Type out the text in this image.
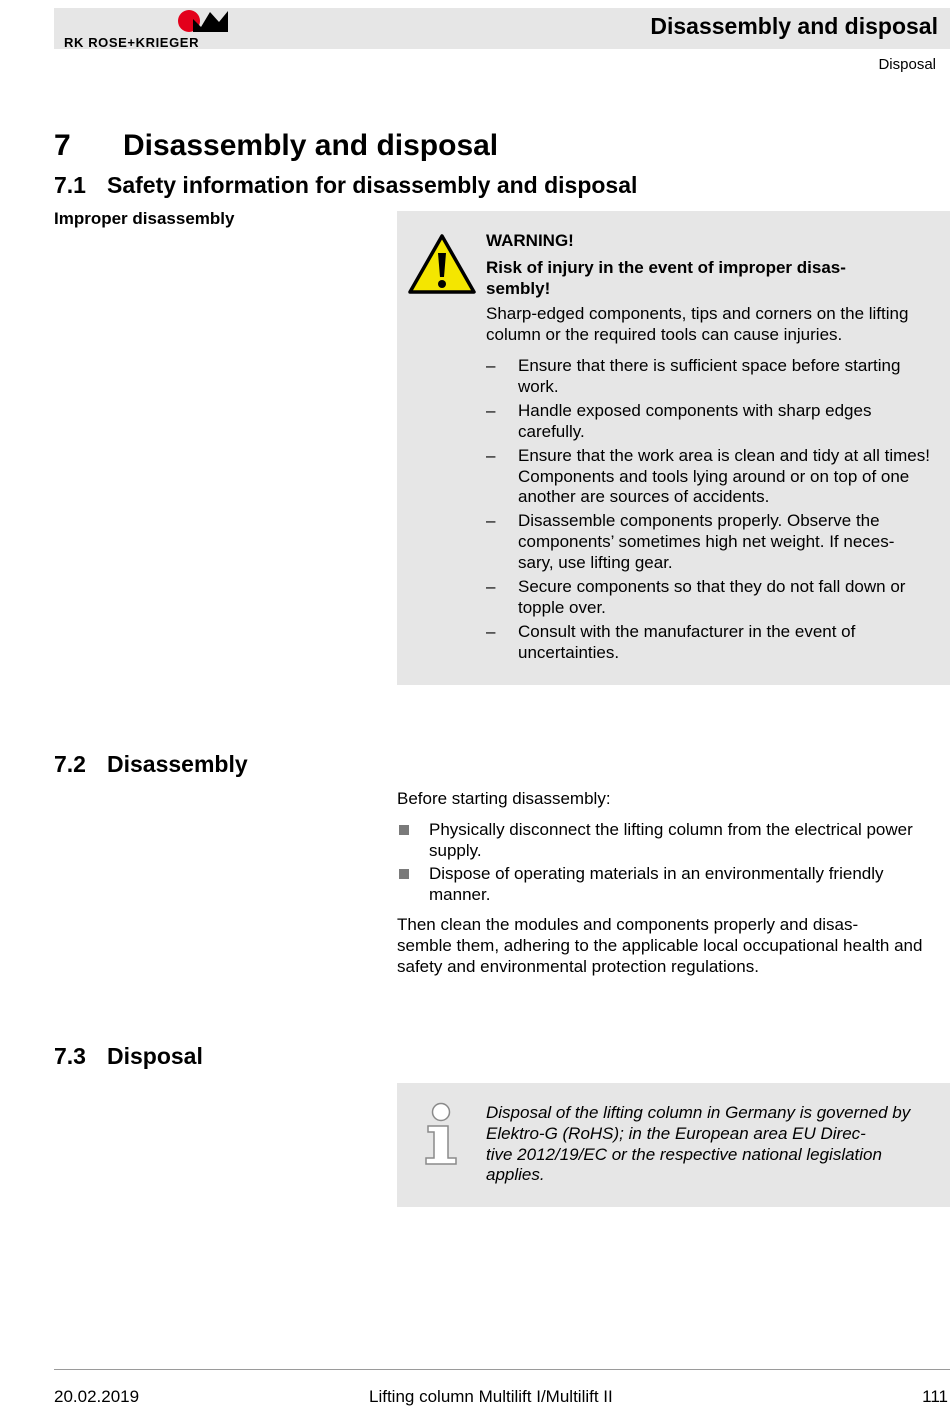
RK ROSE+KRIEGER
Disassembly and disposal
Disposal
7 Disassembly and disposal
7.1 Safety information for disassembly and disposal
Improper disassembly

WARNING!

Risk of injury in the event of improper disas-
sembly!

Sharp-edged components, tips and corners on the lifting column or the required tools can cause injuries.

– Ensure that there is sufficient space before starting work.
– Handle exposed components with sharp edges carefully.
– Ensure that the work area is clean and tidy at all times! Components and tools lying around or on top of one another are sources of accidents.
– Disassemble components properly. Observe the components’ sometimes high net weight. If neces-
sary, use lifting gear.
– Secure components so that they do not fall down or topple over.
– Consult with the manufacturer in the event of uncertainties.
7.2 Disassembly

Before starting disassembly:

Physically disconnect the lifting column from the electrical power supply.
Dispose of operating materials in an environmentally friendly manner.

Then clean the modules and components properly and disas-
semble them, adhering to the applicable local occupational health and safety and environmental protection regulations.

7.3 Disposal
Disposal of the lifting column in Germany is governed by Elektro-G (RoHS); in the European area EU Direc-
tive 2012/19/EC or the respective national legislation applies.
20.02.2019	Lifting column Multilift I/Multilift II	111
